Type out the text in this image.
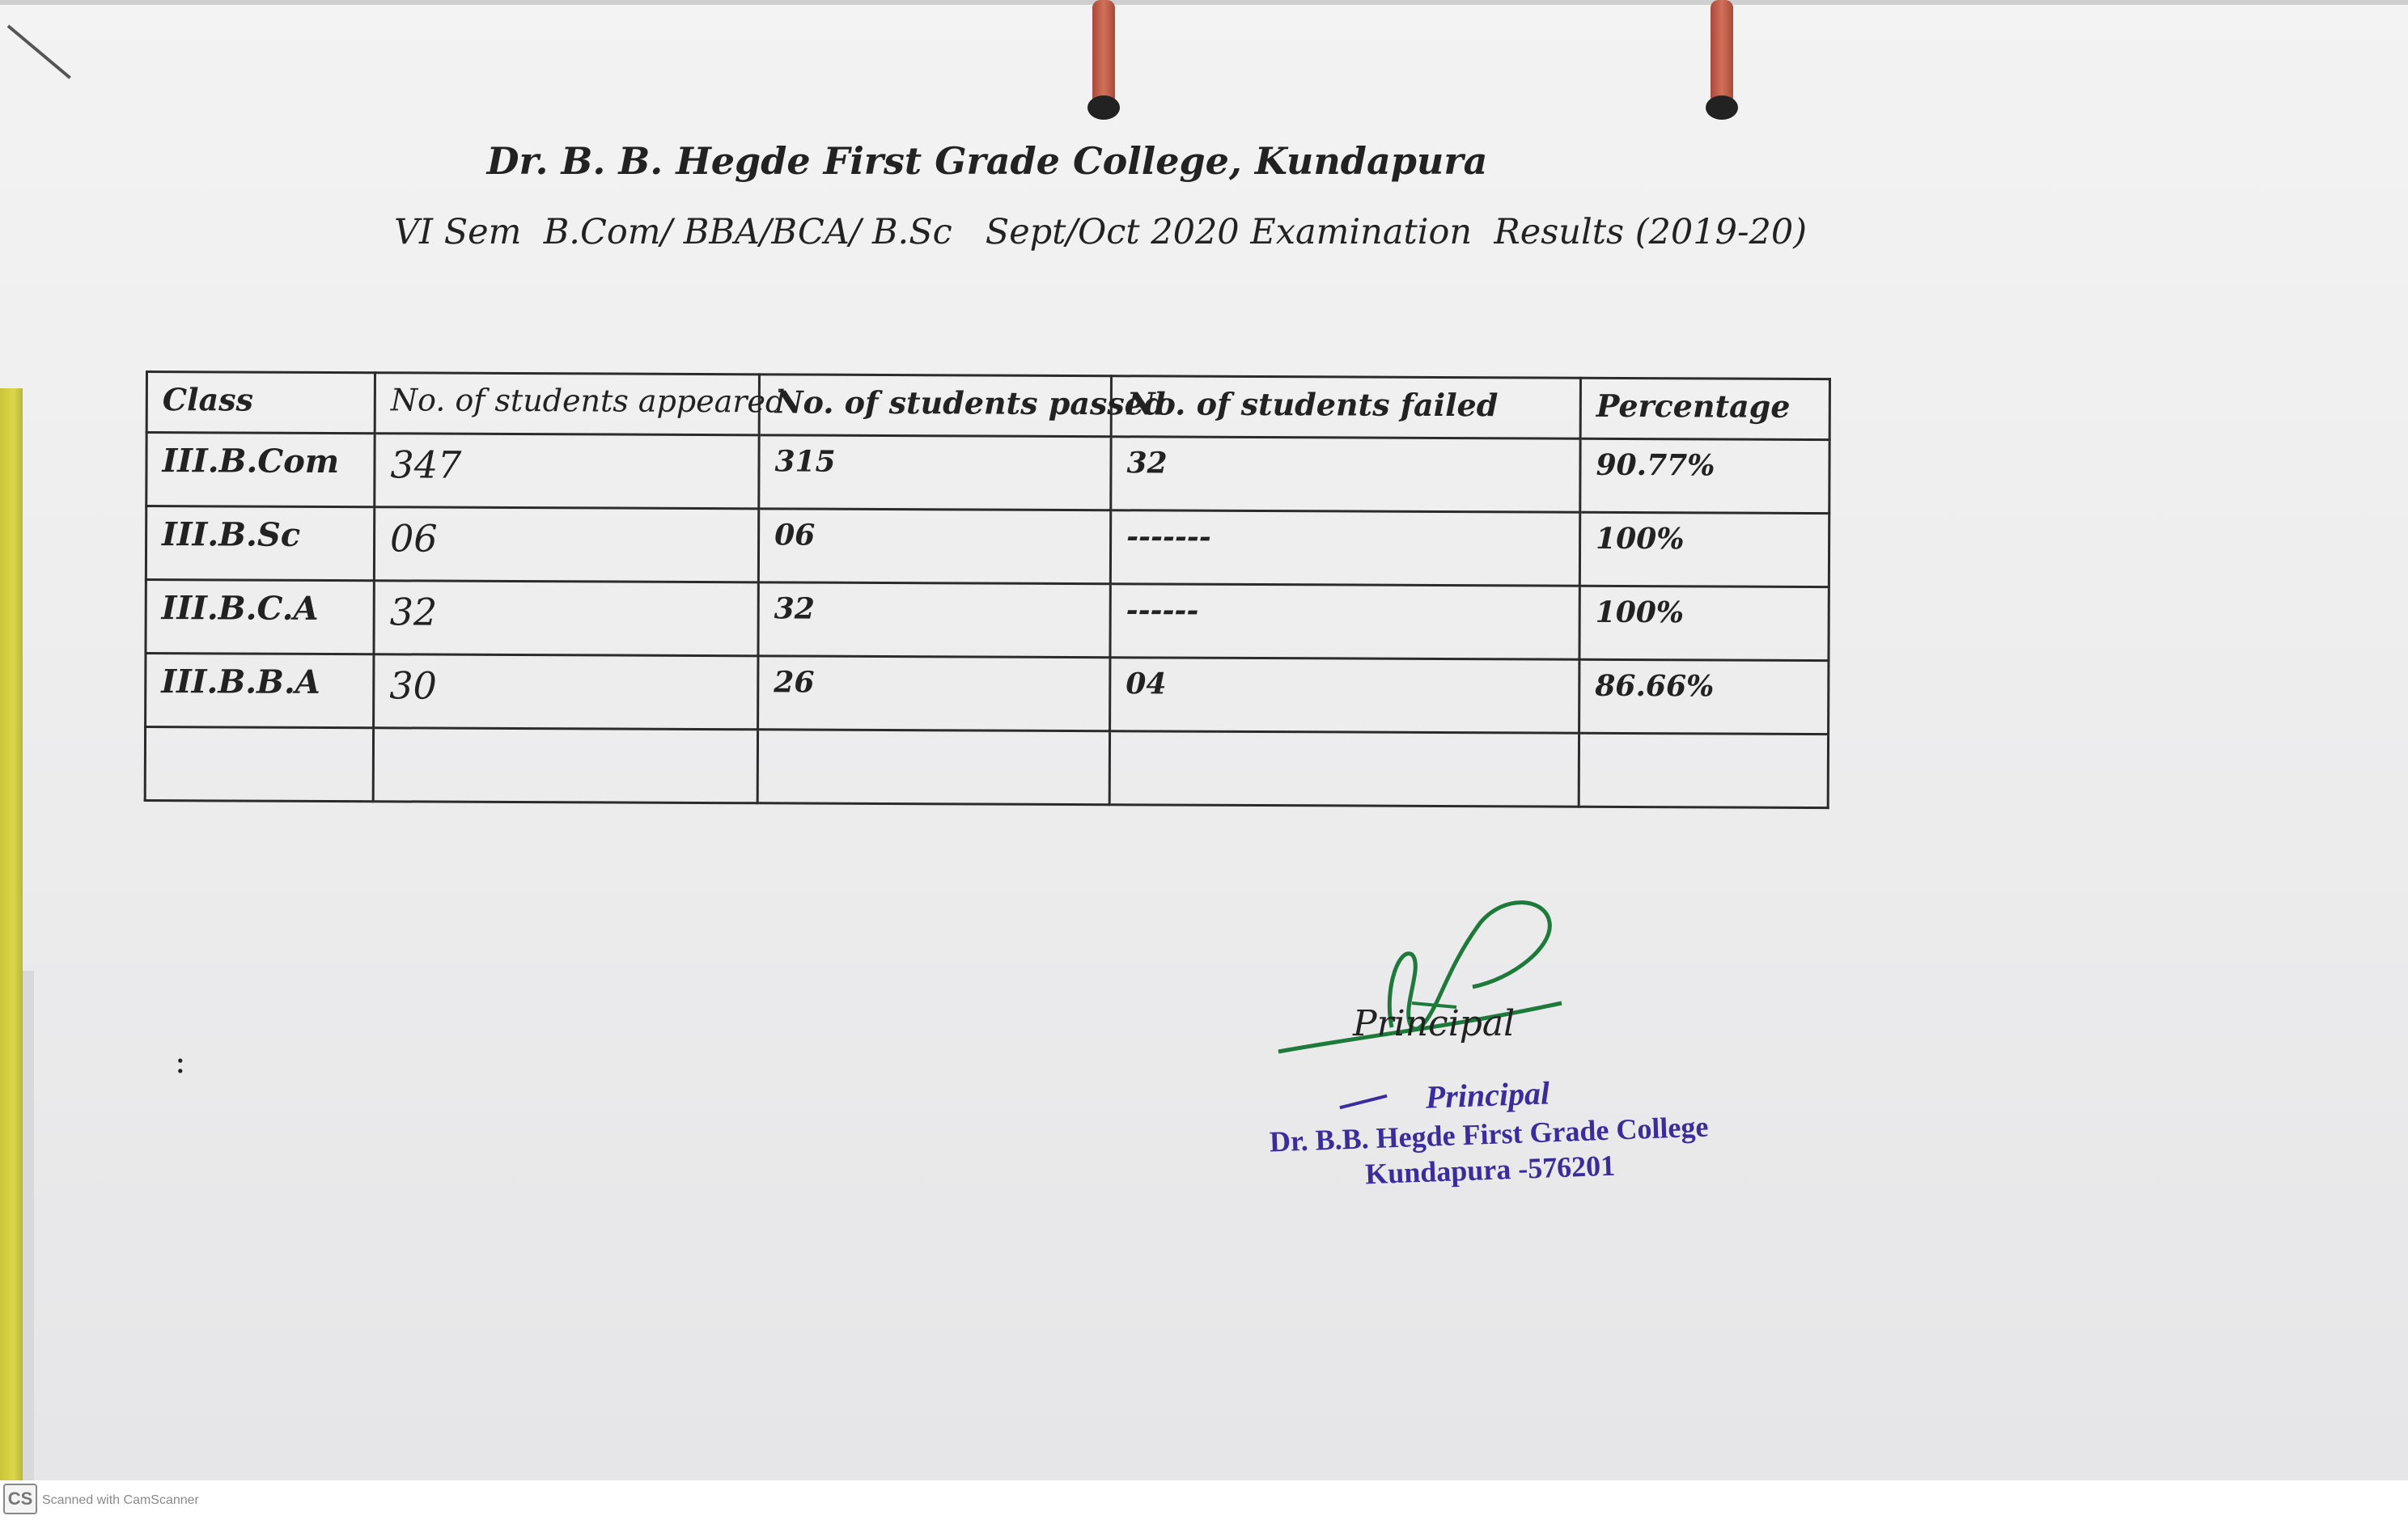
Dr. B. B. Hegde First Grade College, Kundapura
VI Sem  B.Com/ BBA/BCA/ B.Sc   Sept/Oct 2020 Examination  Results (2019-20)
Class	No. of students appeared	No. of students passed	No. of students failed	Percentage
III.B.Com	347	315	32	90.77%
III.B.Sc	06	06	-------	100%
III.B.C.A	32	32	------	100%
III.B.B.A	30	26	04	86.66%

:
Principal
Principal
Dr. B.B. Hegde First Grade College
Kundapura -576201
CS Scanned with CamScanner
